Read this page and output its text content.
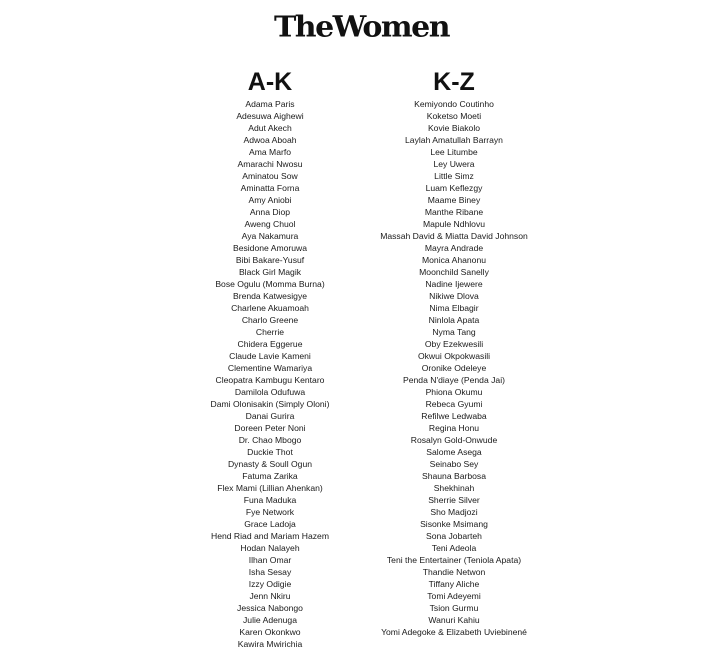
TheWomen
A-K
Adama Paris
Adesuwa Aighewi
Adut Akech
Adwoa Aboah
Ama Marfo
Amarachi Nwosu
Aminatou Sow
Aminatta Forna
Amy Aniobi
Anna Diop
Aweng Chuol
Aya Nakamura
Besidone Amoruwa
Bibi Bakare-Yusuf
Black Girl Magik
Bose Ogulu (Momma Burna)
Brenda Katwesigye
Charlene Akuamoah
Charlo Greene
Cherrie
Chidera Eggerue
Claude Lavie Kameni
Clementine Wamariya
Cleopatra Kambugu Kentaro
Damilola Odufuwa
Dami Olonisakin (Simply Oloni)
Danai Gurira
Doreen Peter Noni
Dr. Chao Mbogo
Duckie Thot
Dynasty & Soull Ogun
Fatuma Zarika
Flex Mami (Lillian Ahenkan)
Funa Maduka
Fye Network
Grace Ladoja
Hend Riad and Mariam Hazem
Hodan Nalayeh
Ilhan Omar
Isha Sesay
Izzy Odigie
Jenn Nkiru
Jessica Nabongo
Julie Adenuga
Karen Okonkwo
Kawira Mwirichia
K-Z
Kemiyondo Coutinho
Koketso Moeti
Kovie Biakolo
Laylah Amatullah Barrayn
Lee Litumbe
Ley Uwera
Little Simz
Luam Keflezgy
Maame Biney
Manthe Ribane
Mapule Ndhlovu
Massah David & Miatta David Johnson
Mayra Andrade
Monica Ahanonu
Moonchild Sanelly
Nadine Ijewere
Nikiwe Dlova
Nima Elbagir
Ninlola Apata
Nyma Tang
Oby Ezekwesili
Okwui Okpokwasili
Oronike Odeleye
Penda N'diaye (Penda Jai)
Phiona Okumu
Rebeca Gyumi
Refilwe Ledwaba
Regina Honu
Rosalyn Gold-Onwude
Salome Asega
Seinabo Sey
Shauna Barbosa
Shekhinah
Sherrie Silver
Sho Madjozi
Sisonke Msimang
Sona Jobarteh
Teni Adeola
Teni the Entertainer (Teniola Apata)
Thandie Netwon
Tiffany Aliche
Tomi Adeyemi
Tsion Gurmu
Wanuri Kahiu
Yomi Adegoke & Elizabeth Uviebinené
